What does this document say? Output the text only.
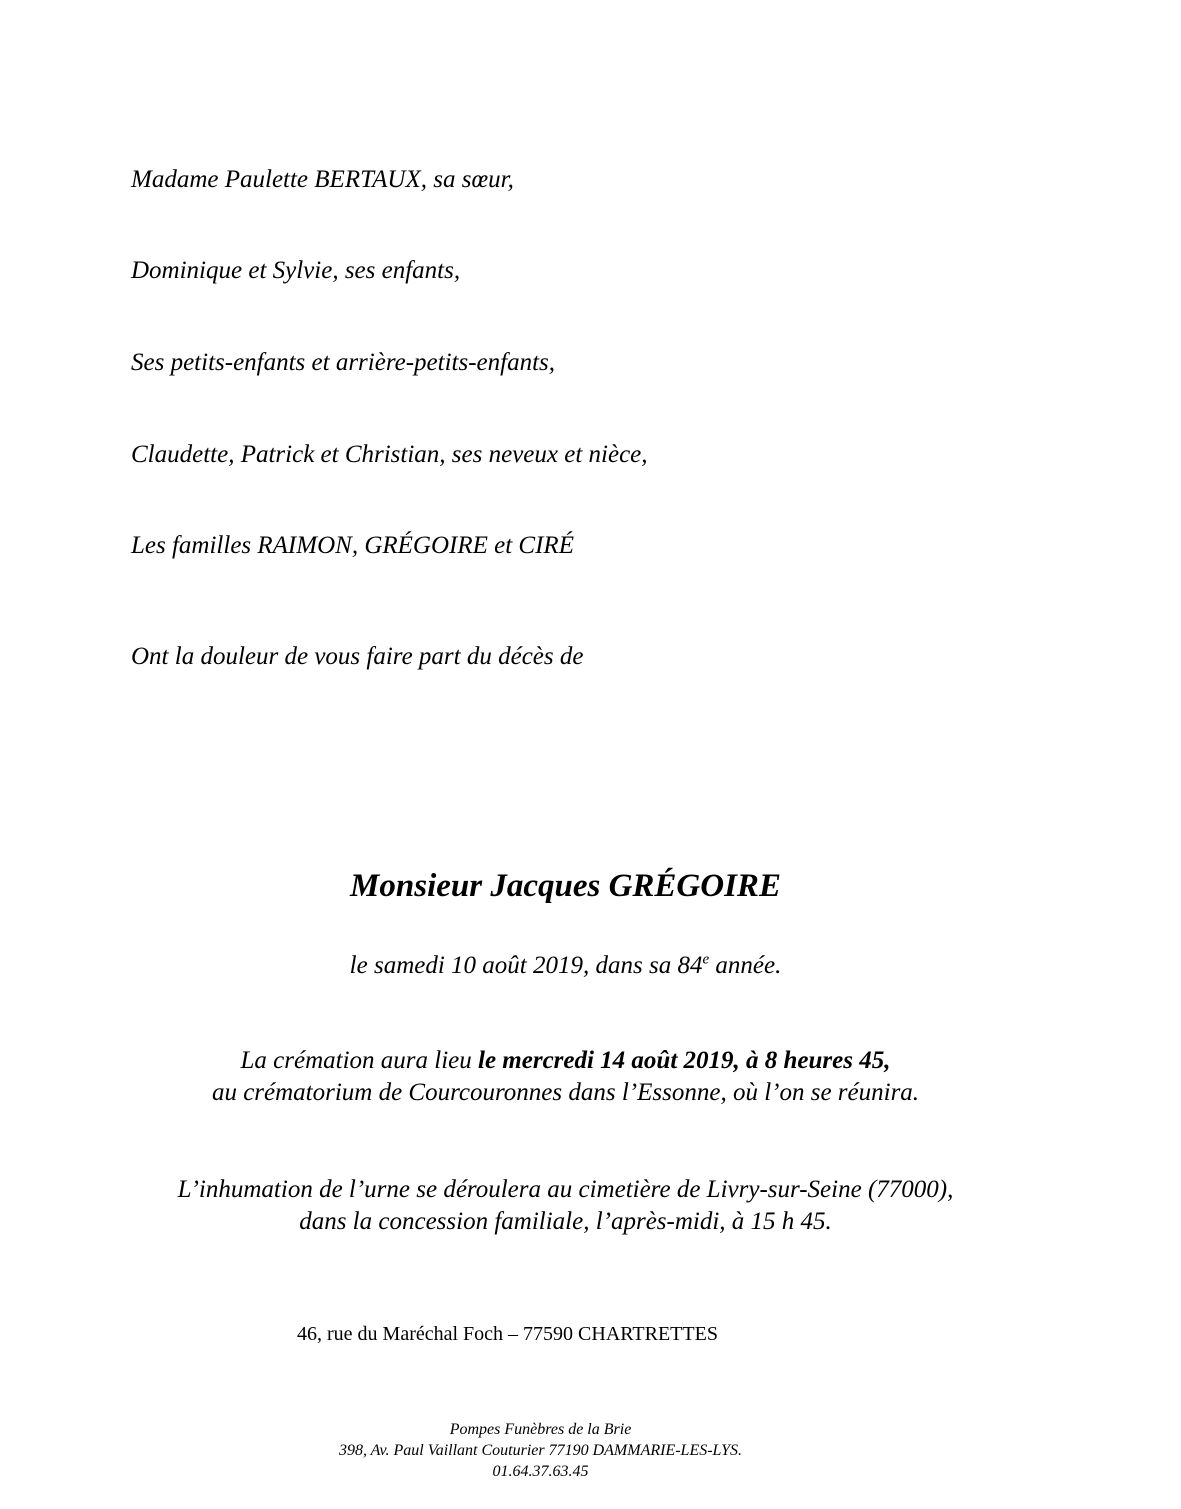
Madame Paulette BERTAUX, sa sœur,
Dominique et Sylvie, ses enfants,
Ses petits-enfants et arrière-petits-enfants,
Claudette, Patrick et Christian, ses neveux et nièce,
Les familles RAIMON, GRÉGOIRE et CIRÉ
Ont la douleur de vous faire part du décès de
Monsieur Jacques GRÉGOIRE
le samedi 10 août 2019, dans sa 84e année.
La crémation aura lieu le mercredi 14 août 2019, à 8 heures 45,
au crématorium de Courcouronnes dans l’Essonne, où l’on se réunira.
L’inhumation de l’urne se déroulera au cimetière de Livry-sur-Seine (77000),
dans la concession familiale, l’après-midi, à 15 h 45.
46, rue du Maréchal Foch – 77590 CHARTRETTES
Pompes Funèbres de la Brie
398, Av. Paul Vaillant Couturier 77190 DAMMARIE-LES-LYS.
01.64.37.63.45
